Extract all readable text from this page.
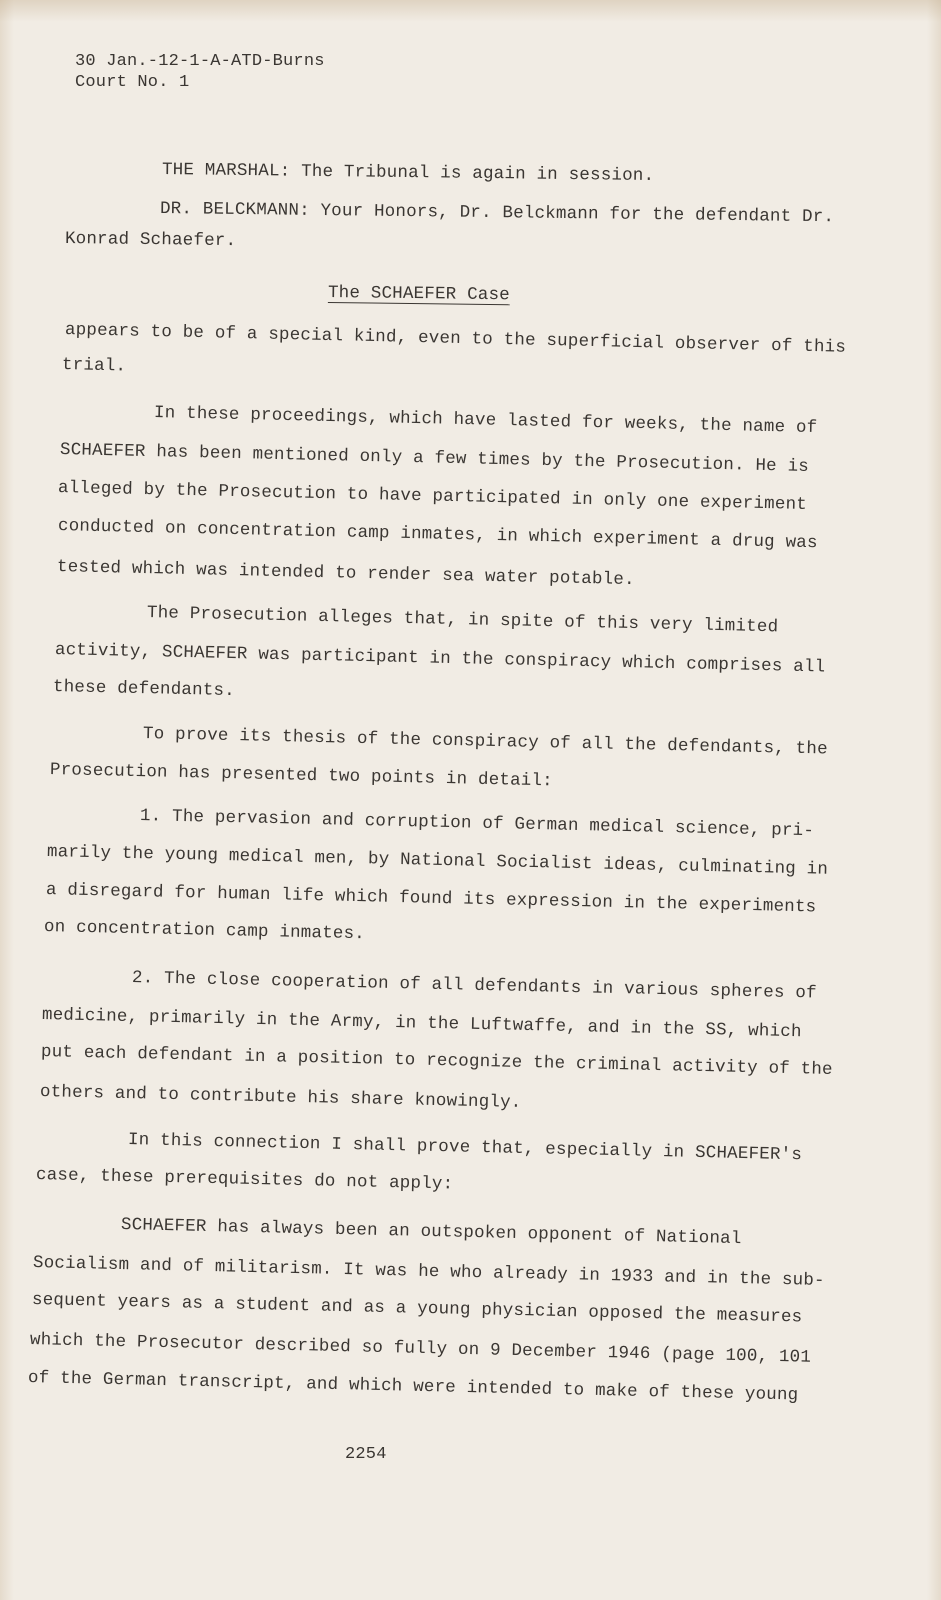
30 Jan.-12-1-A-ATD-Burns
Court No. 1
THE MARSHAL: The Tribunal is again in session.
DR. BELCKMANN: Your Honors, Dr. Belckmann for the defendant Dr.
Konrad Schaefer.
The SCHAEFER Case
appears to be of a special kind, even to the superficial observer of this
trial.
In these proceedings, which have lasted for weeks, the name of
SCHAEFER has been mentioned only a few times by the Prosecution. He is
alleged by the Prosecution to have participated in only one experiment
conducted on concentration camp inmates, in which experiment a drug was
tested which was intended to render sea water potable.
The Prosecution alleges that, in spite of this very limited
activity, SCHAEFER was participant in the conspiracy which comprises all
these defendants.
To prove its thesis of the conspiracy of all the defendants, the
Prosecution has presented two points in detail:
1. The pervasion and corruption of German medical science, pri-
marily the young medical men, by National Socialist ideas, culminating in
a disregard for human life which found its expression in the experiments
on concentration camp inmates.
2. The close cooperation of all defendants in various spheres of
medicine, primarily in the Army, in the Luftwaffe, and in the SS, which
put each defendant in a position to recognize the criminal activity of the
others and to contribute his share knowingly.
In this connection I shall prove that, especially in SCHAEFER's
case, these prerequisites do not apply:
SCHAEFER has always been an outspoken opponent of National
Socialism and of militarism. It was he who already in 1933 and in the sub-
sequent years as a student and as a young physician opposed the measures
which the Prosecutor described so fully on 9 December 1946 (page 100, 101
of the German transcript, and which were intended to make of these young
2254
